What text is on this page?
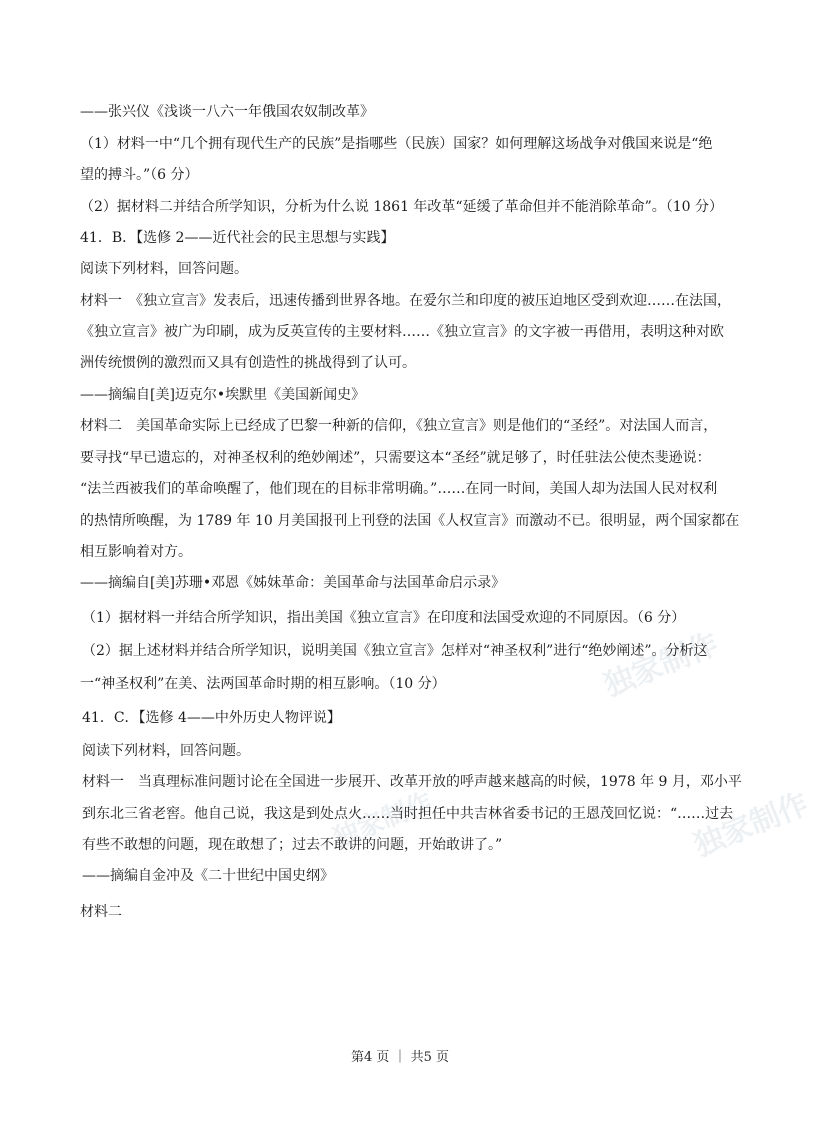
独家制作
独家制作
独家制作
——张兴仪《浅谈一八六一年俄国农奴制改革》
（1）材料一中“几个拥有现代生产的民族”是指哪些（民族）国家？如何理解这场战争对俄国来说是“绝
望的搏斗。”（6 分）
（2）据材料二并结合所学知识，分析为什么说 1861 年改革“延缓了革命但并不能消除革命”。（10 分）
41．B．【选修 2——近代社会的民主思想与实践】
阅读下列材料，回答问题。
材料一　《独立宣言》发表后，迅速传播到世界各地。在爱尔兰和印度的被压迫地区受到欢迎……在法国，
《独立宣言》被广为印刷，成为反英宣传的主要材料……《独立宣言》的文字被一再借用，表明这种对欧
洲传统惯例的激烈而又具有创造性的挑战得到了认可。
——摘编自[美]迈克尔•埃默里《美国新闻史》
材料二　美国革命实际上已经成了巴黎一种新的信仰，《独立宣言》则是他们的“圣经”。对法国人而言，
要寻找“早已遗忘的，对神圣权利的绝妙阐述”，只需要这本“圣经”就足够了，时任驻法公使杰斐逊说：
“法兰西被我们的革命唤醒了，他们现在的目标非常明确。”……在同一时间，美国人却为法国人民对权利
的热情所唤醒，为 1789 年 10 月美国报刊上刊登的法国《人权宣言》而激动不已。很明显，两个国家都在
相互影响着对方。
——摘编自[美]苏珊•邓恩《姊妹革命：美国革命与法国革命启示录》
（1）据材料一并结合所学知识，指出美国《独立宣言》在印度和法国受欢迎的不同原因。（6 分）
（2）据上述材料并结合所学知识，说明美国《独立宣言》怎样对“神圣权利”进行“绝妙阐述”。分析这
一“神圣权利”在美、法两国革命时期的相互影响。（10 分）
41．C．【选修 4——中外历史人物评说】
阅读下列材料，回答问题。
材料一　当真理标准问题讨论在全国进一步展开、改革开放的呼声越来越高的时候，1978 年 9 月，邓小平
到东北三省老窖。他自己说，我这是到处点火……当时担任中共吉林省委书记的王恩茂回忆说：“……过去
有些不敢想的问题，现在敢想了；过去不敢讲的问题，开始敢讲了。”
——摘编自金冲及《二十世纪中国史纲》
材料二
第4 页 ｜ 共5 页
